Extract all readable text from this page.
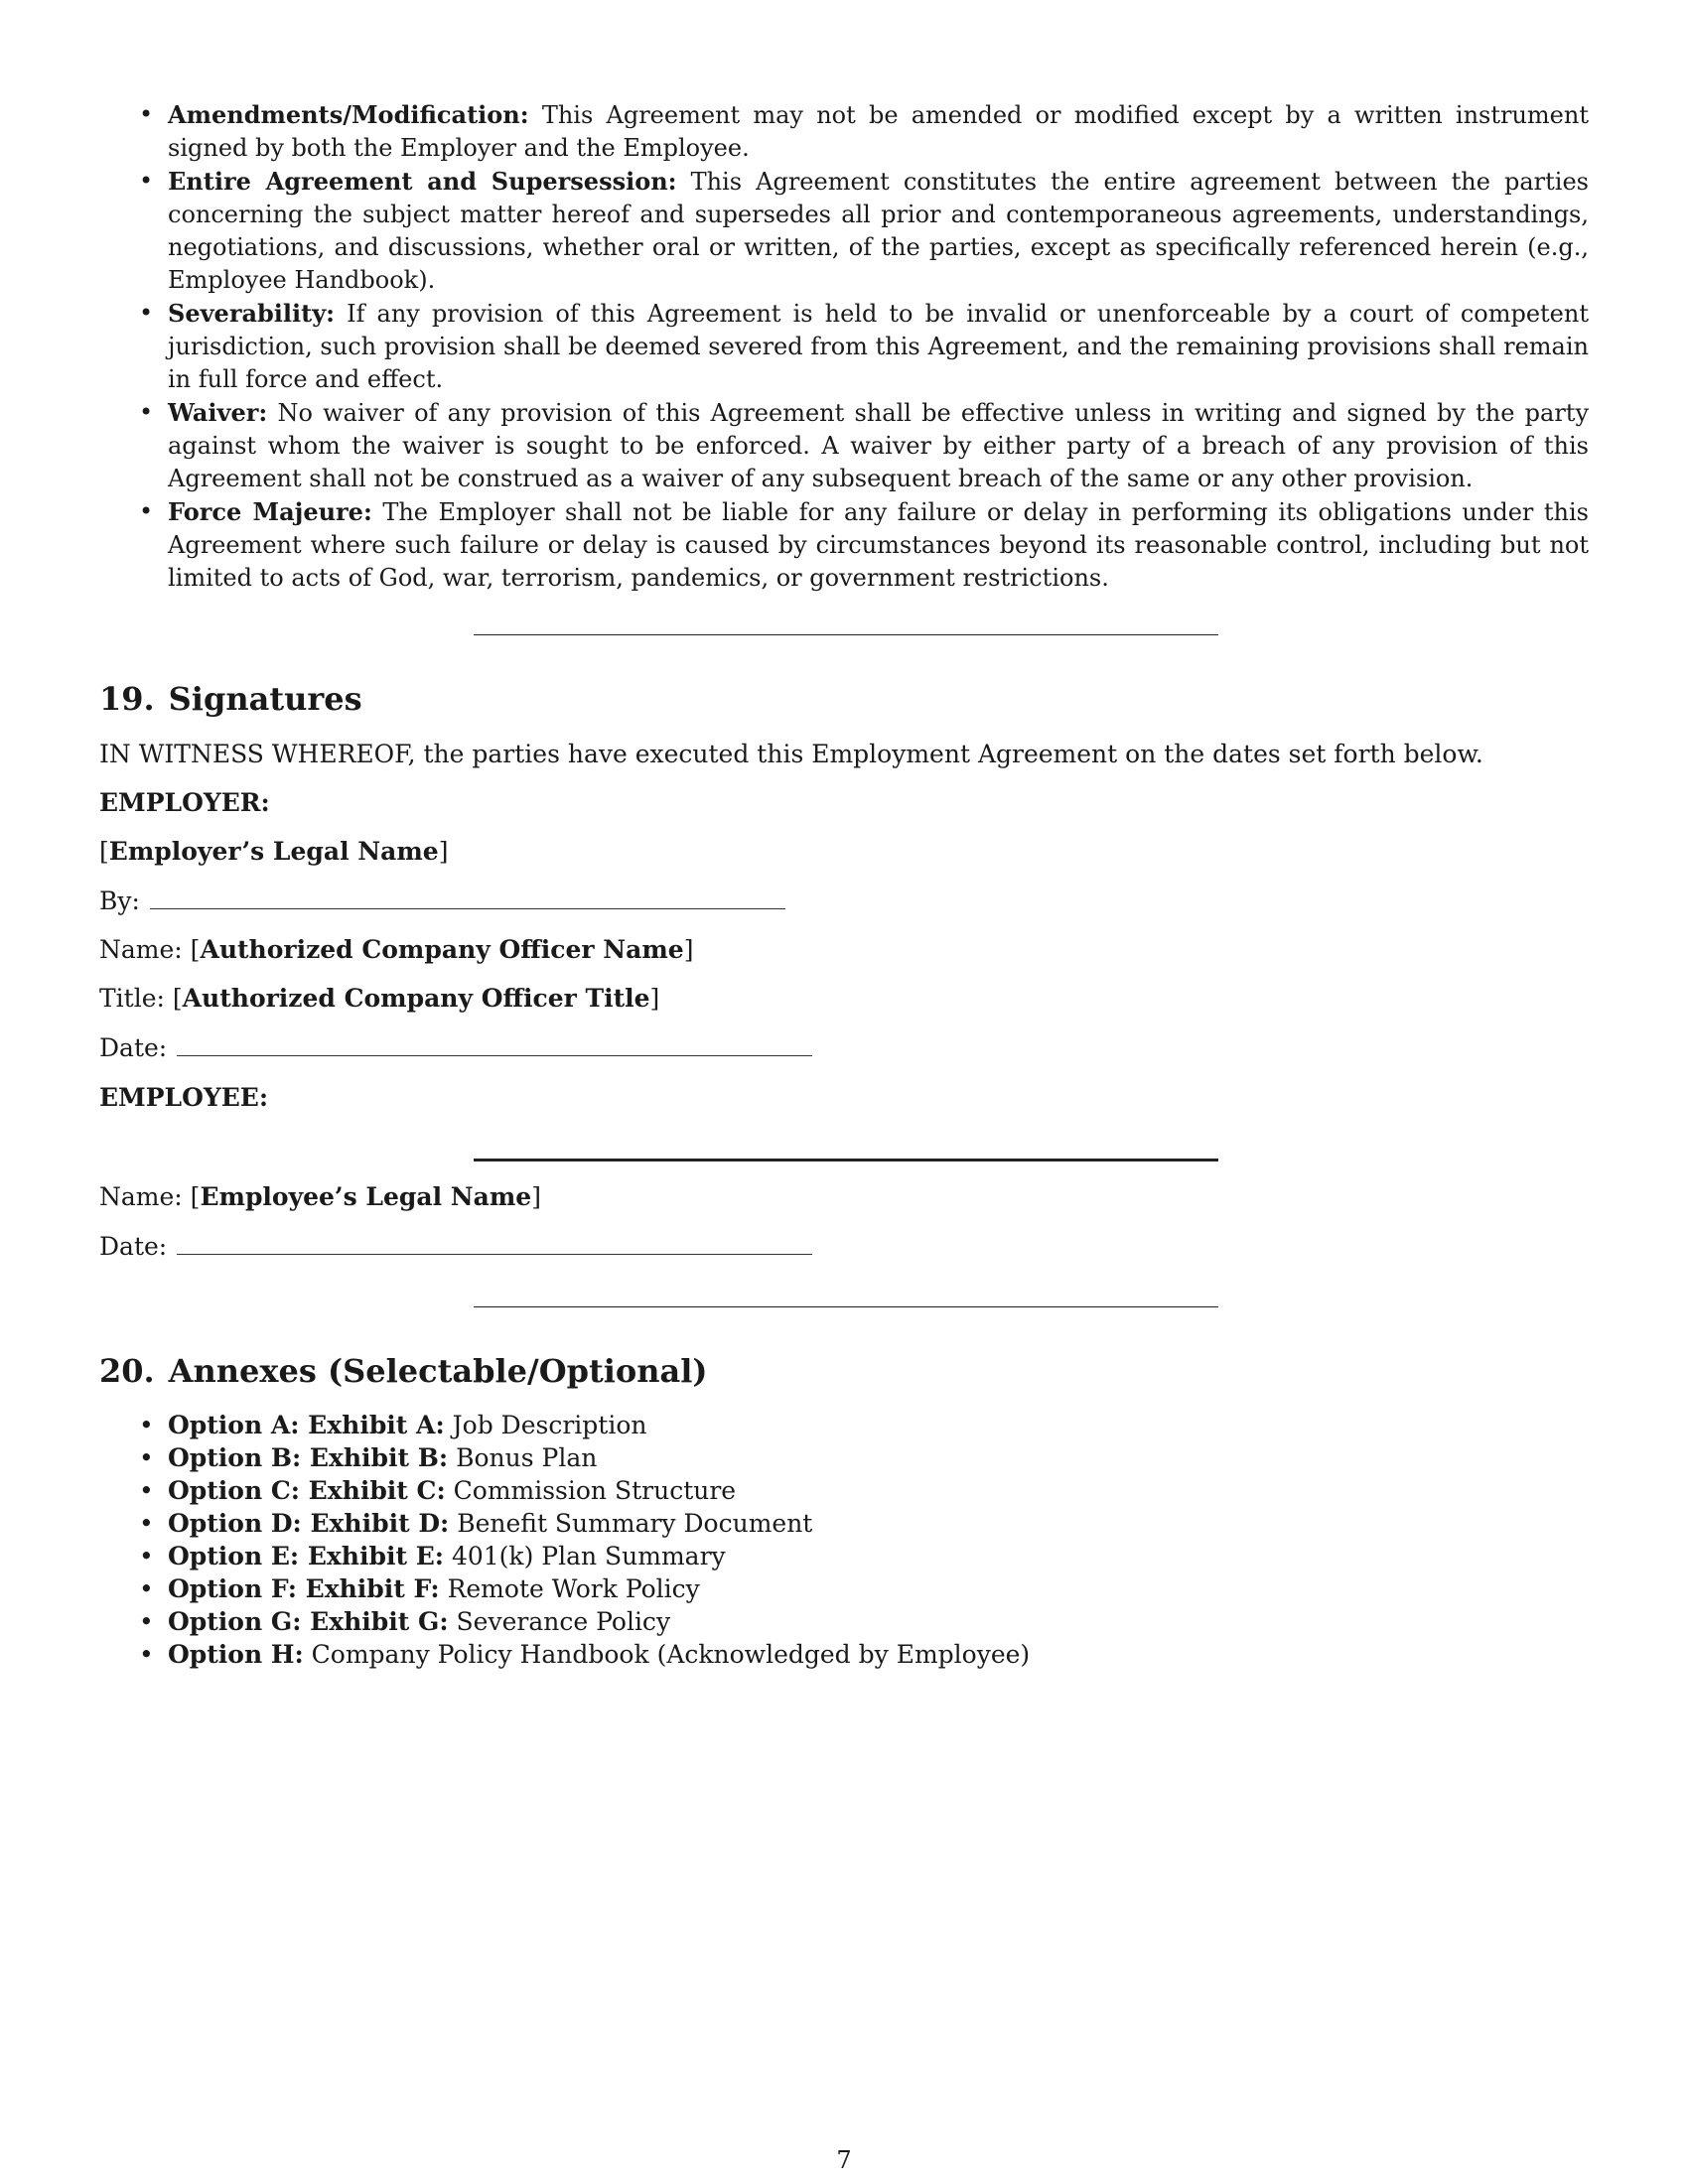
• Amendments/Modification: This Agreement may not be amended or modified except by a written instrument signed by both the Employer and the Employee.
• Entire Agreement and Supersession: This Agreement constitutes the entire agreement between the parties concerning the subject matter hereof and supersedes all prior and contemporaneous agreements, understandings, negotiations, and discussions, whether oral or written, of the parties, except as specifically referenced herein (e.g., Employee Handbook).
• Severability: If any provision of this Agreement is held to be invalid or unenforceable by a court of competent jurisdiction, such provision shall be deemed severed from this Agreement, and the remaining provisions shall remain in full force and effect.
• Waiver: No waiver of any provision of this Agreement shall be effective unless in writing and signed by the party against whom the waiver is sought to be enforced. A waiver by either party of a breach of any provision of this Agreement shall not be construed as a waiver of any subsequent breach of the same or any other provision.
• Force Majeure: The Employer shall not be liable for any failure or delay in performing its obligations under this Agreement where such failure or delay is caused by circumstances beyond its reasonable control, including but not limited to acts of God, war, terrorism, pandemics, or government restrictions.
19. Signatures
IN WITNESS WHEREOF, the parties have executed this Employment Agreement on the dates set forth below.
EMPLOYER:
[Employer’s Legal Name]
By:
Name: [Authorized Company Officer Name]
Title: [Authorized Company Officer Title]
Date:
EMPLOYEE:
Name: [Employee’s Legal Name]
Date:
20. Annexes (Selectable/Optional)
• Option A: Exhibit A: Job Description
• Option B: Exhibit B: Bonus Plan
• Option C: Exhibit C: Commission Structure
• Option D: Exhibit D: Benefit Summary Document
• Option E: Exhibit E: 401(k) Plan Summary
• Option F: Exhibit F: Remote Work Policy
• Option G: Exhibit G: Severance Policy
• Option H: Company Policy Handbook (Acknowledged by Employee)
7
